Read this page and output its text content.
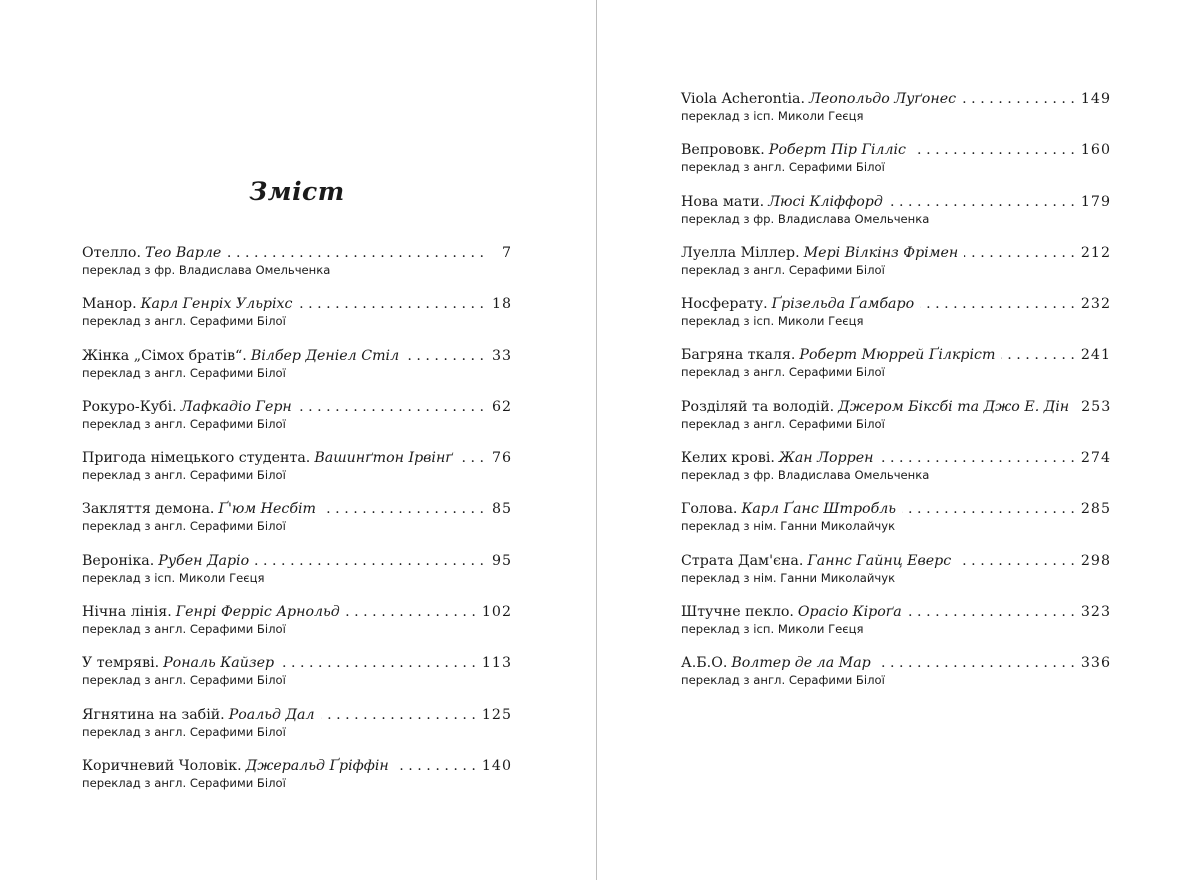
Зміст
Отелло. Тео Варле . . .	7
переклад з фр. Владислава Омельченка
Манор. Карл Генріх Ульріхс . . .	18
переклад з англ. Серафими Білої
Жінка „Сімох братів“. Вілбер Деніел Стіл . . .	33
переклад з англ. Серафими Білої
Рокуро-Кубі. Лафкадіо Герн . . .	62
переклад з англ. Серафими Білої
Пригода німецького студента. Вашинґтон Ірвінґ . . .	76
переклад з англ. Серафими Білої
Закляття демона. Ґ'юм Несбіт . . .	85
переклад з англ. Серафими Білої
Вероніка. Рубен Даріо . . .	95
переклад з ісп. Миколи Геєця
Нічна лінія. Генрі Ферріс Арнольд . . .	102
переклад з англ. Серафими Білої
У темряві. Рональ Кайзер . . .	113
переклад з англ. Серафими Білої
Ягнятина на забій. Роальд Дал . . .	125
переклад з англ. Серафими Білої
Коричневий Чоловік. Джеральд Ґріффін . . .	140
переклад з англ. Серафими Білої
Viola Acherontia. Леопольдо Луґонес . . .	149
переклад з ісп. Миколи Геєця
Вепрововк. Роберт Пір Гілліс . . .	160
переклад з англ. Серафими Білої
Нова мати. Люсі Кліффорд . . .	179
переклад з фр. Владислава Омельченка
Луелла Міллер. Мері Вілкінз Фрімен . . .	212
переклад з англ. Серафими Білої
Носферату. Ґрізельда Ґамбаро . . .	232
переклад з ісп. Миколи Геєця
Багряна ткаля. Роберт Мюррей Ґілкріст . . .	241
переклад з англ. Серафими Білої
Розділяй та володій. Джером Біксбі та Джо Е. Дін 253
переклад з англ. Серафими Білої
Келих крові. Жан Лоррен . . .	274
переклад з фр. Владислава Омельченка
Голова. Карл Ґанс Штробль . . .	285
переклад з нім. Ганни Миколайчук
Страта Дам'єна. Ганнс Гайнц Еверс . . .	298
переклад з нім. Ганни Миколайчук
Штучне пекло. Орасіо Кіроґа . . .	323
переклад з ісп. Миколи Геєця
А.Б.О. Волтер де ла Мар . . .	336
переклад з англ. Серафими Білої
